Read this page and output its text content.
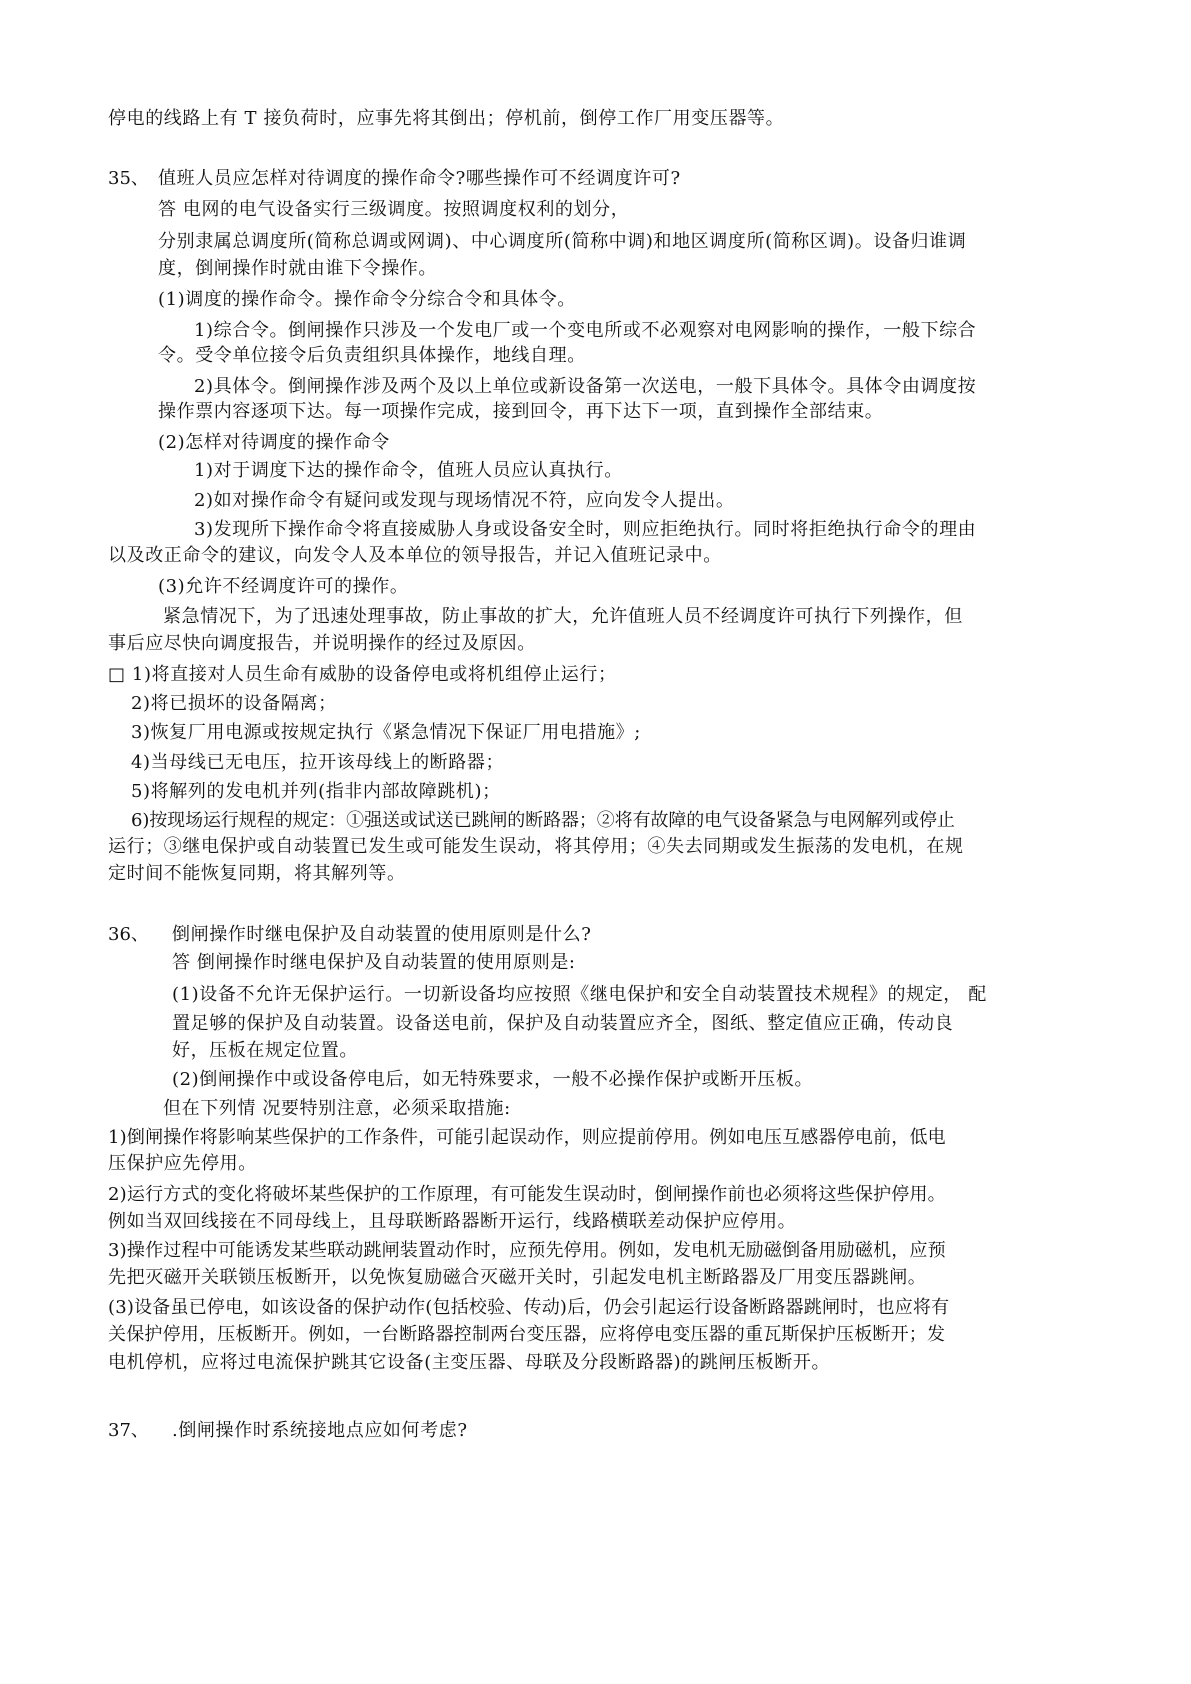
停电的线路上有 T 接负荷时，应事先将其倒出；停机前，倒停工作厂用变压器等。
35、 值班人员应怎样对待调度的操作命令?哪些操作可不经调度许可?
答 电网的电气设备实行三级调度。按照调度权利的划分，
分别隶属总调度所(简称总调或网调)、中心调度所(简称中调)和地区调度所(简称区调)。设备归谁调
度，倒闸操作时就由谁下令操作。
(1)调度的操作命令。操作命令分综合令和具体令。
1)综合令。倒闸操作只涉及一个发电厂或一个变电所或不必观察对电网影响的操作，一般下综合
令。受令单位接令后负责组织具体操作，地线自理。
2)具体令。倒闸操作涉及两个及以上单位或新设备第一次送电，一般下具体令。具体令由调度按
操作票内容逐项下达。每一项操作完成，接到回令，再下达下一项，直到操作全部结束。
(2)怎样对待调度的操作命令
1)对于调度下达的操作命令，值班人员应认真执行。
2)如对操作命令有疑问或发现与现场情况不符，应向发令人提出。
3)发现所下操作命令将直接威胁人身或设备安全时，则应拒绝执行。同时将拒绝执行命令的理由
以及改正命令的建议，向发令人及本单位的领导报告，并记入值班记录中。
(3)允许不经调度许可的操作。
紧急情况下，为了迅速处理事故，防止事故的扩大，允许值班人员不经调度许可执行下列操作，但
事后应尽快向调度报告，并说明操作的经过及原因。
□ 1)将直接对人员生命有威胁的设备停电或将机组停止运行；
2)将已损坏的设备隔离；
3)恢复厂用电源或按规定执行《紧急情况下保证厂用电措施》;
4)当母线已无电压，拉开该母线上的断路器；
5)将解列的发电机并列(指非内部故障跳机)；
6)按现场运行规程的规定：①强送或试送已跳闸的断路器；②将有故障的电气设备紧急与电网解列或停止
运行；③继电保护或自动装置已发生或可能发生误动，将其停用；④失去同期或发生振荡的发电机，在规
定时间不能恢复同期，将其解列等。
36、 倒闸操作时继电保护及自动装置的使用原则是什么?
答 倒闸操作时继电保护及自动装置的使用原则是:
(1)设备不允许无保护运行。一切新设备均应按照《继电保护和安全自动装置技术规程》的规定， 配
置足够的保护及自动装置。设备送电前，保护及自动装置应齐全，图纸、整定值应正确，传动良
好，压板在规定位置。
(2)倒闸操作中或设备停电后，如无特殊要求，一般不必操作保护或断开压板。
但在下列情 况要特别注意，必须采取措施:
1)倒闸操作将影响某些保护的工作条件，可能引起误动作，则应提前停用。例如电压互感器停电前，低电
压保护应先停用。
2)运行方式的变化将破坏某些保护的工作原理，有可能发生误动时，倒闸操作前也必须将这些保护停用。
例如当双回线接在不同母线上，且母联断路器断开运行，线路横联差动保护应停用。
3)操作过程中可能诱发某些联动跳闸装置动作时，应预先停用。例如，发电机无励磁倒备用励磁机，应预
先把灭磁开关联锁压板断开，以免恢复励磁合灭磁开关时，引起发电机主断路器及厂用变压器跳闸。
(3)设备虽已停电，如该设备的保护动作(包括校验、传动)后，仍会引起运行设备断路器跳闸时，也应将有
关保护停用，压板断开。例如，一台断路器控制两台变压器，应将停电变压器的重瓦斯保护压板断开；发
电机停机，应将过电流保护跳其它设备(主变压器、母联及分段断路器)的跳闸压板断开。
37、 .倒闸操作时系统接地点应如何考虑?
